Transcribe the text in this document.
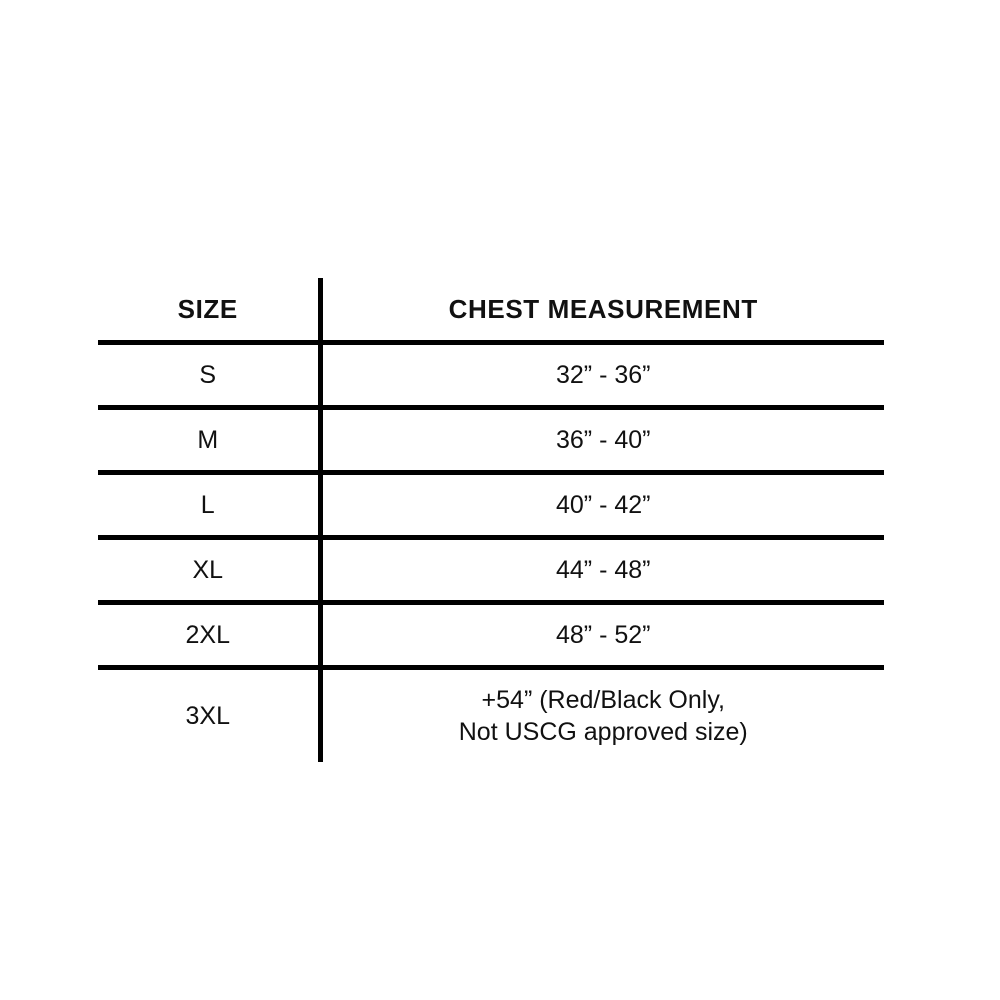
SIZE	CHEST MEASUREMENT

S	32” - 36”

M	36” - 40”

L	40” - 42”

XL	44” - 48”

2XL	48” - 52”

3XL	+54” (Red/Black Only,
Not USCG approved size)
